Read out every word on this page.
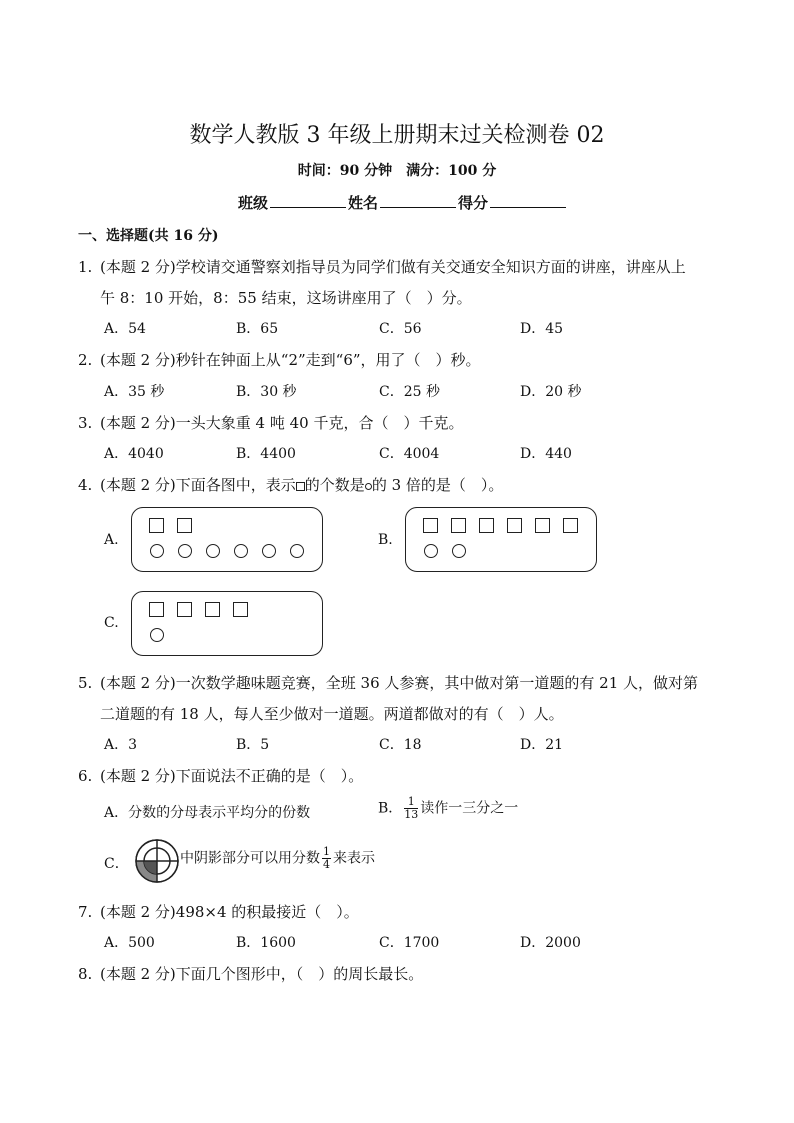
数学人教版 3 年级上册期末过关检测卷 02
时间：90 分钟　满分：100 分
班级	姓名	得分
一、选择题(共 16 分)
1. (本题 2 分)学校请交通警察刘指导员为同学们做有关交通安全知识方面的讲座，讲座从上
午 8：10 开始，8：55 结束，这场讲座用了（　）分。
A．54	B．65	C．56	D．45
2. (本题 2 分)秒针在钟面上从“2”走到“6”，用了（　）秒。
A．35 秒	B．30 秒	C．25 秒	D．20 秒
3. (本题 2 分)一头大象重 4 吨 40 千克，合（　）千克。
A．4040	B．4400	C．4004	D．440
4. (本题 2 分)下面各图中，表示 的个数是 的 3 倍的是（　）。
A.	B.
C.
5. (本题 2 分)一次数学趣味题竞赛，全班 36 人参赛，其中做对第一道题的有 21 人，做对第
二道题的有 18 人，每人至少做对一道题。两道都做对的有（　）人。
A．3	B．5	C．18	D．21
6. (本题 2 分)下面说法不正确的是（　）。
A．分数的分母表示平均分的份数	B． $\frac{1}{13}$ 读作一三分之一
C．	中阴影部分可以用分数 $\frac{1}{4}$ 来表示
7. (本题 2 分)498×4 的积最接近（　）。
A．500	B．1600	C．1700	D．2000
8. (本题 2 分)下面几个图形中，（　）的周长最长。
